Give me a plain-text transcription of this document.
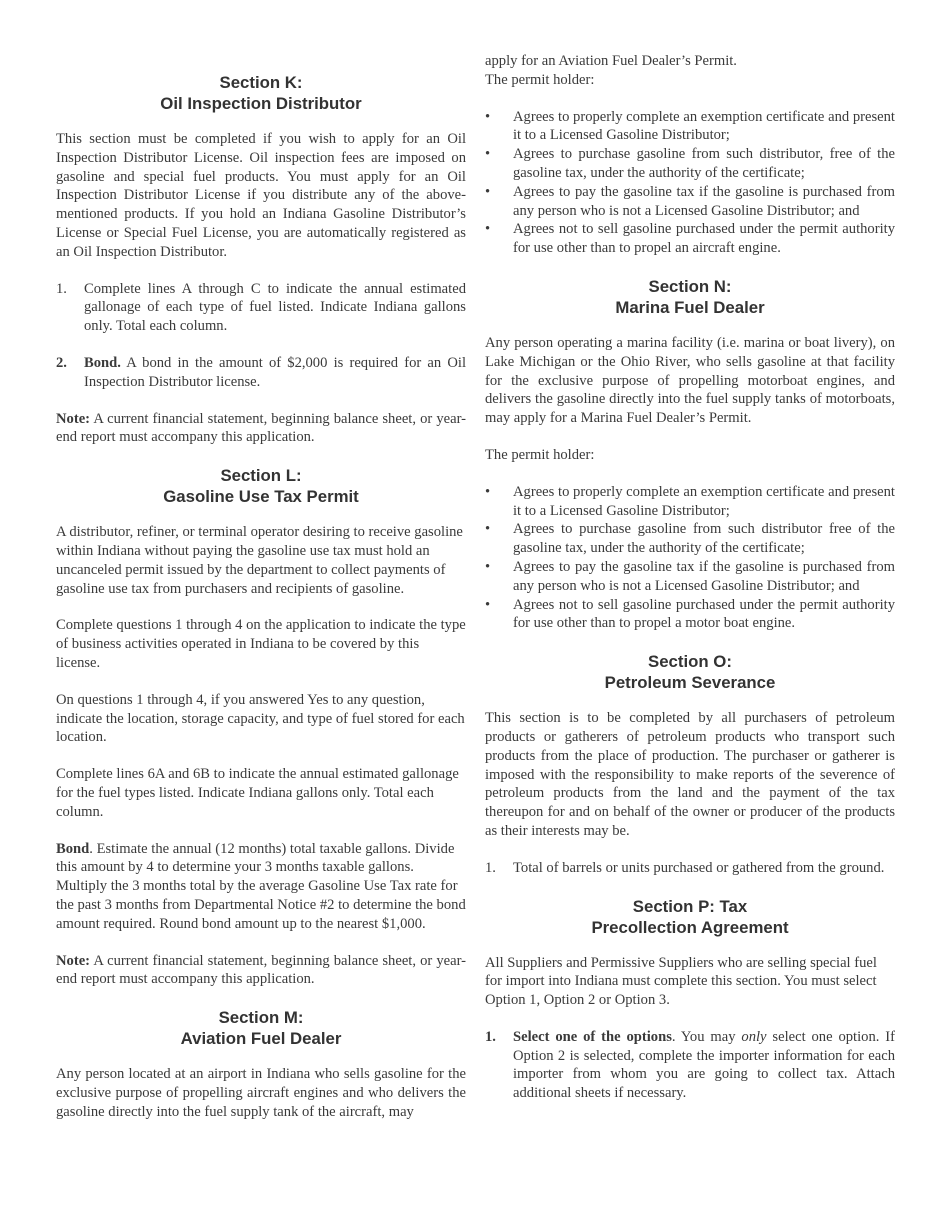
Section K:
Oil Inspection Distributor

This section must be completed if you wish to apply for an Oil Inspection Distributor License. Oil inspection fees are imposed on gasoline and special fuel products. You must apply for an Oil Inspection Distributor License if you distribute any of the above-mentioned products. If you hold an Indiana Gasoline Distributor’s License or Special Fuel License, you are automatically registered as an Oil Inspection Distributor.

1. Complete lines A through C to indicate the annual estimated gallonage of each type of fuel listed. Indicate Indiana gallons only. Total each column.
2. Bond. A bond in the amount of $2,000 is required for an Oil Inspection Distributor license.

Note: A current financial statement, beginning balance sheet, or year-end report must accompany this application.

Section L:
Gasoline Use Tax Permit

A distributor, refiner, or terminal operator desiring to receive gasoline within Indiana without paying the gasoline use tax must hold an uncanceled permit issued by the department to collect payments of gasoline use tax from purchasers and recipients of gasoline.

Complete questions 1 through 4 on the application to indicate the type of business activities operated in Indiana to be covered by this license.

On questions 1 through 4, if you answered Yes to any question, indicate the location, storage capacity, and type of fuel stored for each location.

Complete lines 6A and 6B to indicate the annual estimated gallonage for the fuel types listed. Indicate Indiana gallons only. Total each column.

Bond. Estimate the annual (12 months) total taxable gallons. Divide this amount by 4 to determine your 3 months taxable gallons. Multiply the 3 months total by the average Gasoline Use Tax rate for the past 3 months from Departmental Notice #2 to determine the bond amount required. Round bond amount up to the nearest $1,000.

Note: A current financial statement, beginning balance sheet, or year-end report must accompany this application.

Section M:
Aviation Fuel Dealer

Any person located at an airport in Indiana who sells gasoline for the exclusive purpose of propelling aircraft engines and who delivers the gasoline directly into the fuel supply tank of the aircraft, may

apply for an Aviation Fuel Dealer’s Permit.

The permit holder:

• Agrees to properly complete an exemption certificate and present it to a Licensed Gasoline Distributor;
• Agrees to purchase gasoline from such distributor, free of the gasoline tax, under the authority of the certificate;
• Agrees to pay the gasoline tax if the gasoline is purchased from any person who is not a Licensed Gasoline Distributor; and
• Agrees not to sell gasoline purchased under the permit authority for use other than to propel an aircraft engine.
Section N:
Marina Fuel Dealer

Any person operating a marina facility (i.e. marina or boat livery), on Lake Michigan or the Ohio River, who sells gasoline at that facility for the exclusive purpose of propelling motorboat engines, and delivers the gasoline directly into the fuel supply tanks of motorboats, may apply for a Marina Fuel Dealer’s Permit.

The permit holder:

• Agrees to properly complete an exemption certificate and present it to a Licensed Gasoline Distributor;
• Agrees to purchase gasoline from such distributor free of the gasoline tax, under the authority of the certificate;
• Agrees to pay the gasoline tax if the gasoline is purchased from any person who is not a Licensed Gasoline Distributor; and
• Agrees not to sell gasoline purchased under the permit authority for use other than to propel a motor boat engine.
Section O:
Petroleum Severance

This section is to be completed by all purchasers of petroleum products or gatherers of petroleum products who transport such products from the place of production. The purchaser or gatherer is imposed with the responsibility to make reports of the severence of petroleum products from the land and the payment of the tax thereupon for and on behalf of the owner or producer of the products as their interests may be.

1. Total of barrels or units purchased or gathered from the ground.
Section P: Tax
Precollection Agreement

All Suppliers and Permissive Suppliers who are selling special fuel for import into Indiana must complete this section. You must select Option 1, Option 2 or Option 3.

1. Select one of the options. You may only select one option. If Option 2 is selected, complete the importer information for each importer from whom you are going to collect tax. Attach additional sheets if necessary.
